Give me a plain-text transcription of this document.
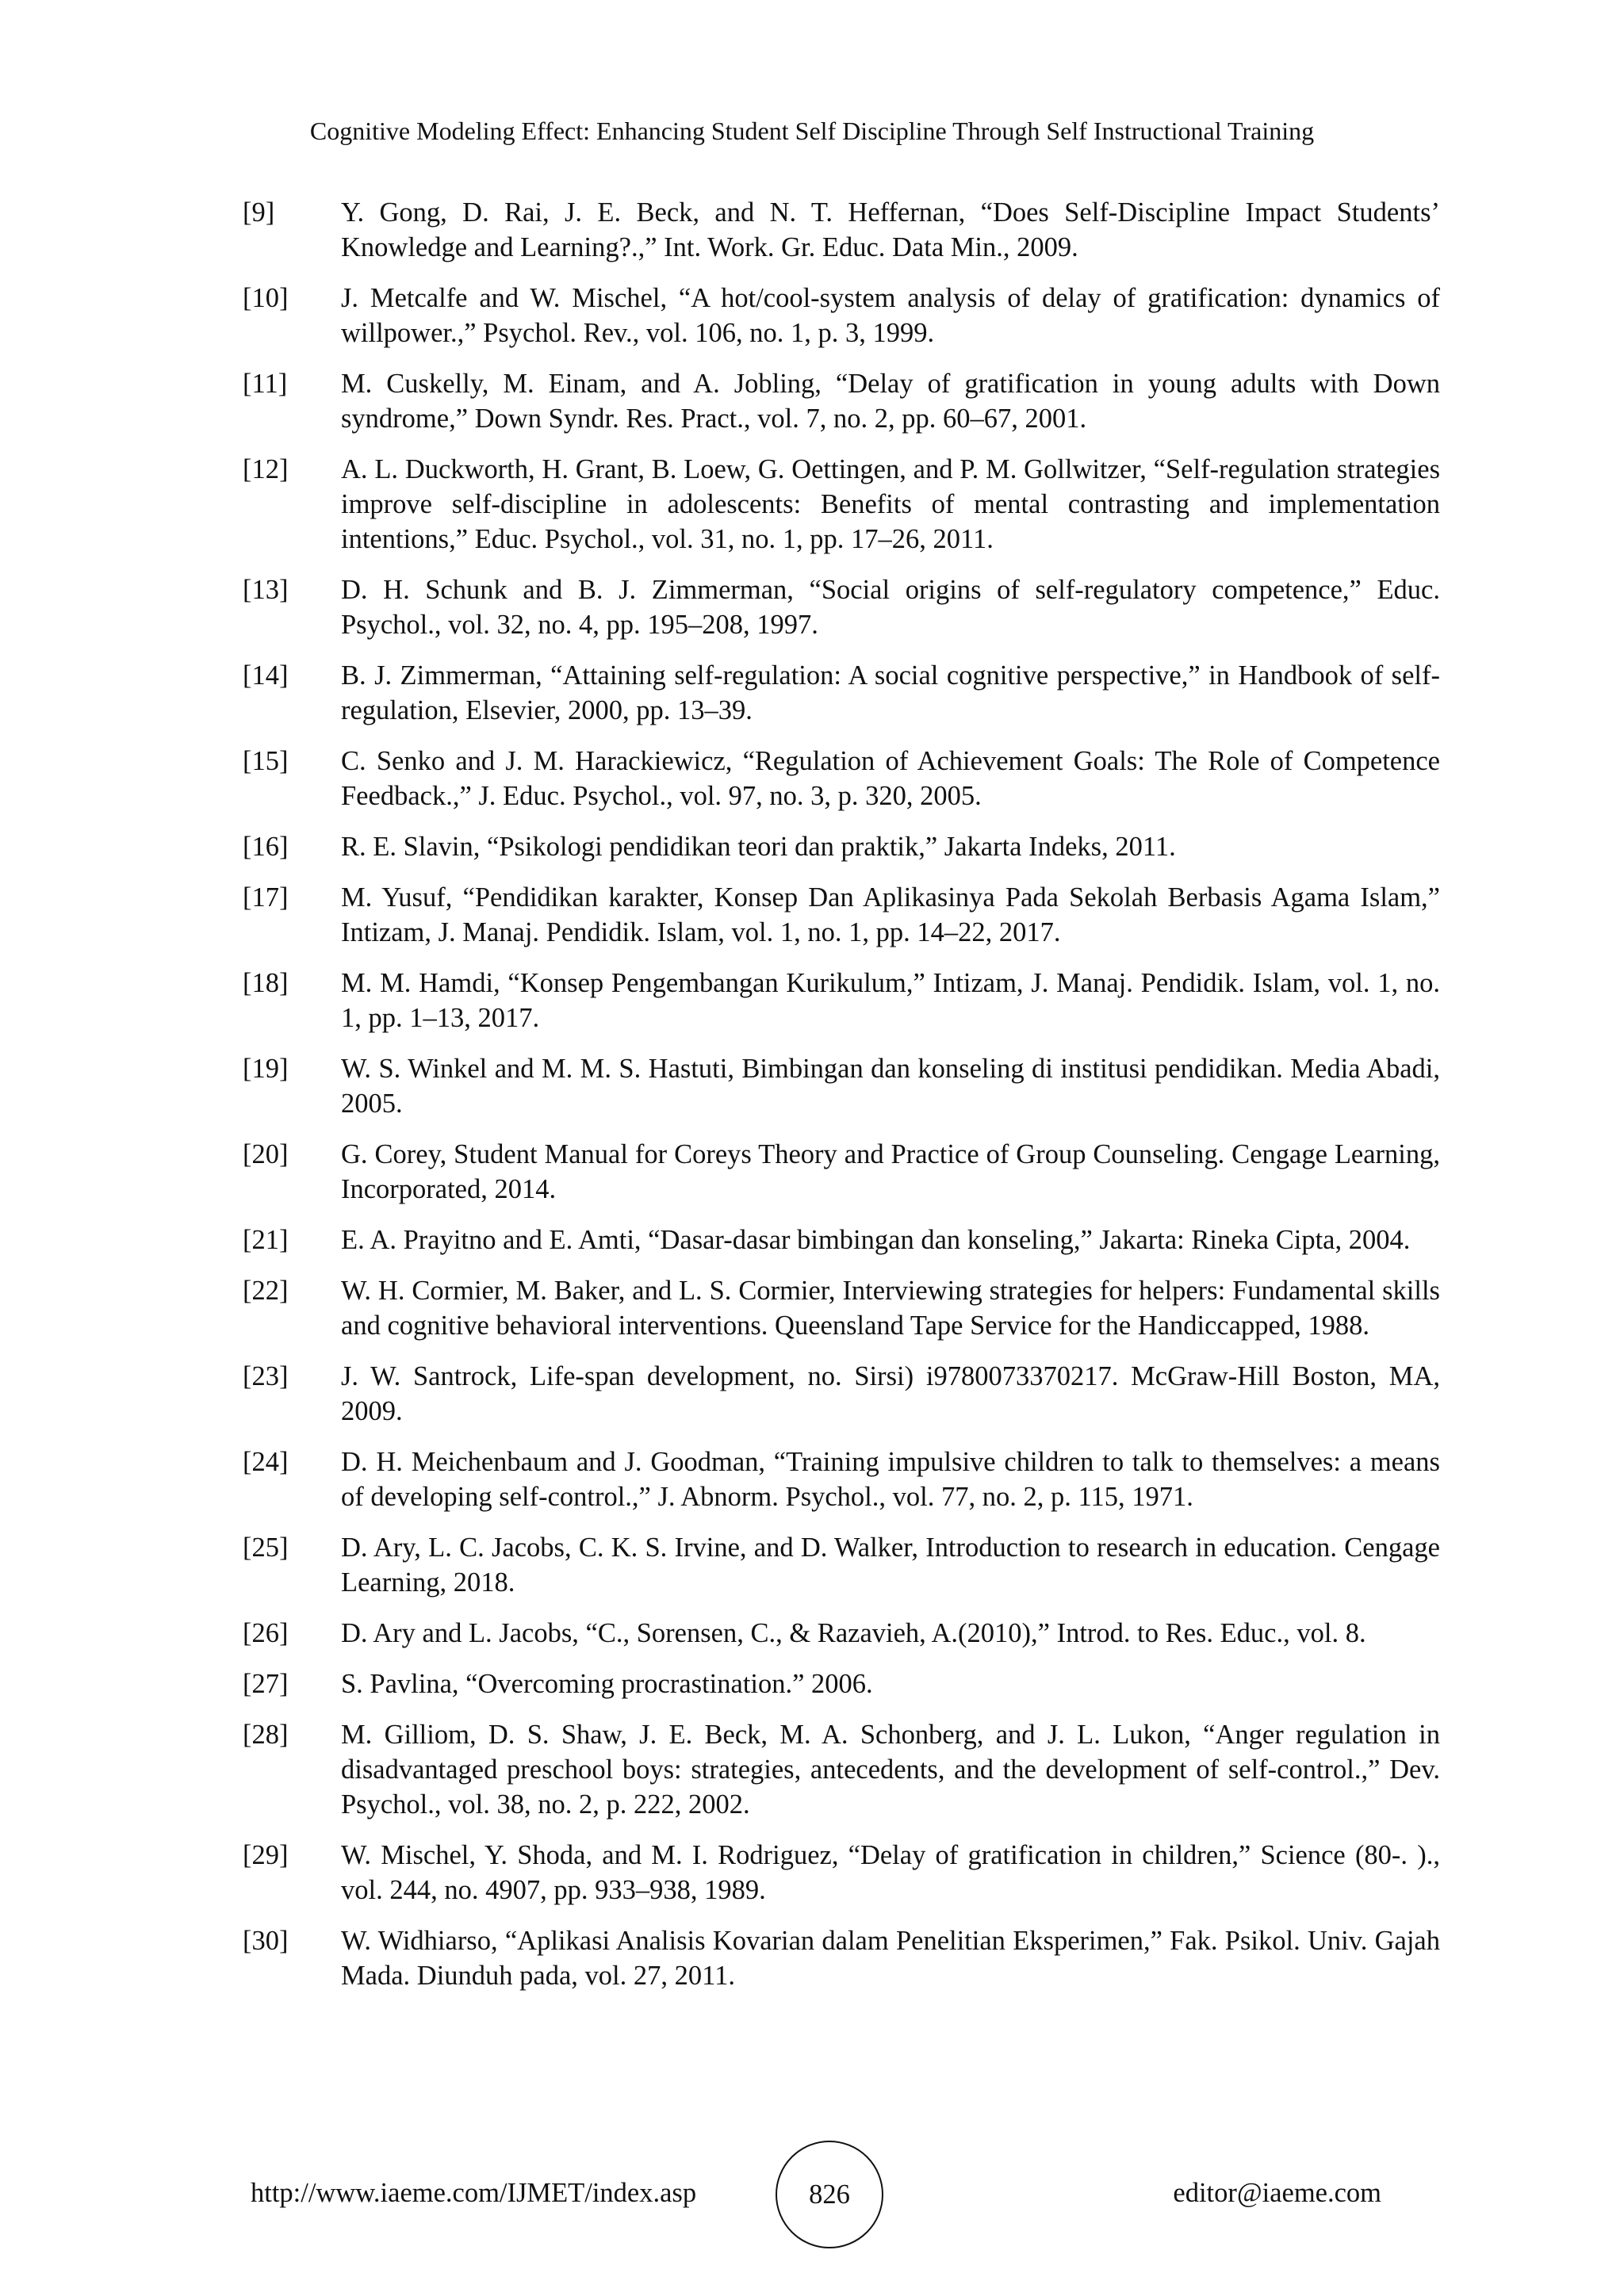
Cognitive Modeling Effect: Enhancing Student Self Discipline Through Self Instructional Training
[9]	Y. Gong, D. Rai, J. E. Beck, and N. T. Heffernan, “Does Self-Discipline Impact Students’ Knowledge and Learning?.,” Int. Work. Gr. Educ. Data Min., 2009.
[10]	J. Metcalfe and W. Mischel, “A hot/cool-system analysis of delay of gratification: dynamics of willpower.,” Psychol. Rev., vol. 106, no. 1, p. 3, 1999.
[11]	M. Cuskelly, M. Einam, and A. Jobling, “Delay of gratification in young adults with Down syndrome,” Down Syndr. Res. Pract., vol. 7, no. 2, pp. 60–67, 2001.
[12]	A. L. Duckworth, H. Grant, B. Loew, G. Oettingen, and P. M. Gollwitzer, “Self-regulation strategies improve self-discipline in adolescents: Benefits of mental contrasting and implementation intentions,” Educ. Psychol., vol. 31, no. 1, pp. 17–26, 2011.
[13]	D. H. Schunk and B. J. Zimmerman, “Social origins of self-regulatory competence,” Educ. Psychol., vol. 32, no. 4, pp. 195–208, 1997.
[14]	B. J. Zimmerman, “Attaining self-regulation: A social cognitive perspective,” in Handbook of self-regulation, Elsevier, 2000, pp. 13–39.
[15]	C. Senko and J. M. Harackiewicz, “Regulation of Achievement Goals: The Role of Competence Feedback.,” J. Educ. Psychol., vol. 97, no. 3, p. 320, 2005.
[16]	R. E. Slavin, “Psikologi pendidikan teori dan praktik,” Jakarta Indeks, 2011.
[17]	M. Yusuf, “Pendidikan karakter, Konsep Dan Aplikasinya Pada Sekolah Berbasis Agama Islam,” Intizam, J. Manaj. Pendidik. Islam, vol. 1, no. 1, pp. 14–22, 2017.
[18]	M. M. Hamdi, “Konsep Pengembangan Kurikulum,” Intizam, J. Manaj. Pendidik. Islam, vol. 1, no. 1, pp. 1–13, 2017.
[19]	W. S. Winkel and M. M. S. Hastuti, Bimbingan dan konseling di institusi pendidikan. Media Abadi, 2005.
[20]	G. Corey, Student Manual for Coreys Theory and Practice of Group Counseling. Cengage Learning, Incorporated, 2014.
[21]	E. A. Prayitno and E. Amti, “Dasar-dasar bimbingan dan konseling,” Jakarta: Rineka Cipta, 2004.
[22]	W. H. Cormier, M. Baker, and L. S. Cormier, Interviewing strategies for helpers: Fundamental skills and cognitive behavioral interventions. Queensland Tape Service for the Handiccapped, 1988.
[23]	J. W. Santrock, Life-span development, no. Sirsi) i9780073370217. McGraw-Hill Boston, MA, 2009.
[24]	D. H. Meichenbaum and J. Goodman, “Training impulsive children to talk to themselves: a means of developing self-control.,” J. Abnorm. Psychol., vol. 77, no. 2, p. 115, 1971.
[25]	D. Ary, L. C. Jacobs, C. K. S. Irvine, and D. Walker, Introduction to research in education. Cengage Learning, 2018.
[26]	D. Ary and L. Jacobs, “C., Sorensen, C., & Razavieh, A.(2010),” Introd. to Res. Educ., vol. 8.
[27]	S. Pavlina, “Overcoming procrastination.” 2006.
[28]	M. Gilliom, D. S. Shaw, J. E. Beck, M. A. Schonberg, and J. L. Lukon, “Anger regulation in disadvantaged preschool boys: strategies, antecedents, and the development of self-control.,” Dev. Psychol., vol. 38, no. 2, p. 222, 2002.
[29]	W. Mischel, Y. Shoda, and M. I. Rodriguez, “Delay of gratification in children,” Science (80-. )., vol. 244, no. 4907, pp. 933–938, 1989.
[30]	W. Widhiarso, “Aplikasi Analisis Kovarian dalam Penelitian Eksperimen,” Fak. Psikol. Univ. Gajah Mada. Diunduh pada, vol. 27, 2011.
http://www.iaeme.com/IJMET/index.asp	826	editor@iaeme.com
